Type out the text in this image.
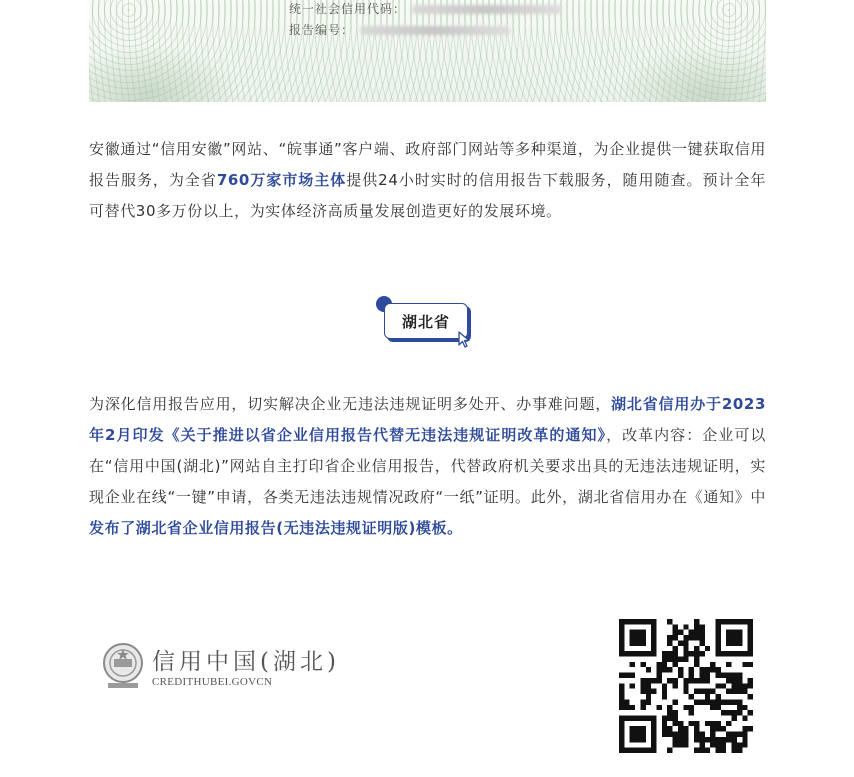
统一社会信用代码：
报告编号：

安徽通过“信用安徽”网站、“皖事通”客户端、政府部门网站等多种渠道，为企业提供一键获取信用报告服务，为全省760万家市场主体提供24小时实时的信用报告下载服务，随用随查。预计全年可替代30多万份以上，为实体经济高质量发展创造更好的发展环境。

湖北省

为深化信用报告应用，切实解决企业无违法违规证明多处开、办事难问题，湖北省信用办于2023年2月印发《关于推进以省企业信用报告代替无违法违规证明改革的通知》，改革内容：企业可以在“信用中国(湖北)”网站自主打印省企业信用报告，代替政府机关要求出具的无违法违规证明，实现企业在线“一键”申请，各类无违法违规情况政府“一纸”证明。此外，湖北省信用办在《通知》中发布了湖北省企业信用报告(无违法违规证明版)模板。

信用中国(湖北)
CREDITHUBEI.GOVCN
